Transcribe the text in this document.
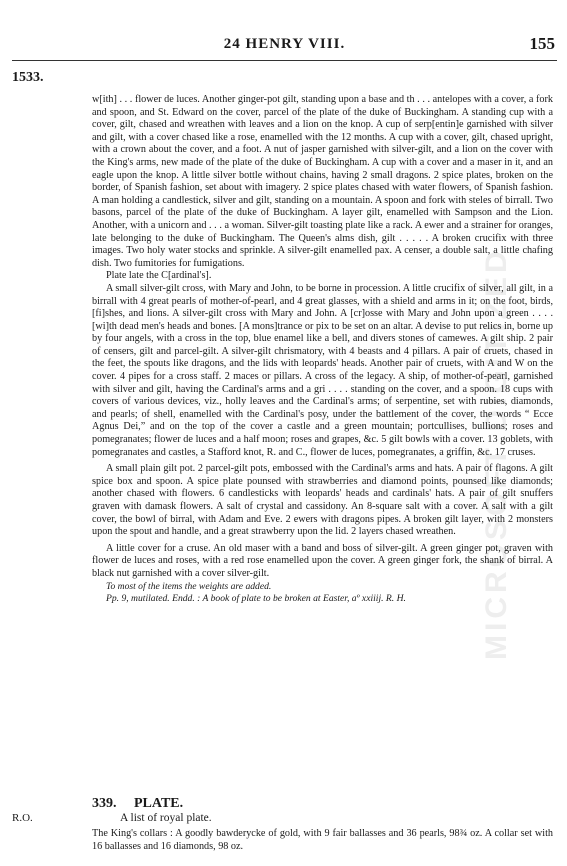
24 HENRY VIII.	155
1533.
MICROSOFT DIGITIZED

w[ith] . . . flower de luces. Another ginger-pot gilt, standing upon a base and th . . . antelopes with a cover, a fork and spoon, and St. Edward on the cover, parcel of the plate of the duke of Buckingham. A standing cup with a cover, gilt, chased and wreathen with leaves and a lion on the knop. A cup of serp[entin]e garnished with silver and gilt, with a cover chased like a rose, enamelled with the 12 months. A cup with a cover, gilt, chased upright, with a crown about the cover, and a foot. A nut of jasper garnished with silver-gilt, and a lion on the cover with the King's arms, new made of the plate of the duke of Buckingham. A cup with a cover and a maser in it, and an eagle upon the knop. A little silver bottle without chains, having 2 small dragons. 2 spice plates, broken on the border, of Spanish fashion, set about with imagery. 2 spice plates chased with water flowers, of Spanish fashion. A man holding a candlestick, silver and gilt, standing on a mountain. A spoon and fork with steles of birrall. Two basons, parcel of the plate of the duke of Buckingham. A layer gilt, enamelled with Sampson and the Lion. Another, with a unicorn and . . . a woman. Silver-gilt toasting plate like a rack. A ewer and a strainer for oranges, late belonging to the duke of Buckingham. The Queen's alms dish, gilt . . . . . A broken crucifix with three images. Two holy water stocks and sprinkle. A silver-gilt enamelled pax. A censer, a double salt, a little chafing dish. Two fumitories for fumigations.

Plate late the C[ardinal's].

A small silver-gilt cross, with Mary and John, to be borne in procession. A little crucifix of silver, all gilt, in a birrall with 4 great pearls of mother-of-pearl, and 4 great glasses, with a shield and arms in it; on the foot, birds, [fi]shes, and lions. A silver-gilt cross with Mary and John. A [cr]osse with Mary and John upon a green . . . . [wi]th dead men's heads and bones. [A mons]trance or pix to be set on an altar. A devise to put relics in, borne up by four angels, with a cross in the top, blue enamel like a bell, and divers stones of camewes. A gilt ship. 2 pair of censers, gilt and parcel-gilt. A silver-gilt chrismatory, with 4 beasts and 4 pillars. A pair of cruets, chased in the feet, the spouts like dragons, and the lids with leopards' heads. Another pair of cruets, with A and W on the cover. 4 pipes for a cross staff. 2 maces or pillars. A cross of the legacy. A ship, of mother-of-pearl, garnished with silver and gilt, having the Cardinal's arms and a gri . . . . standing on the cover, and a spoon. 18 cups with covers of various devices, viz., holly leaves and the Cardinal's arms; of serpentine, set with rubies, diamonds, and pearls; of shell, enamelled with the Cardinal's posy, under the battlement of the cover, the words “ Ecce Agnus Dei,” and on the top of the cover a castle and a green mountain; portcullises, bullions; roses and pomegranates; flower de luces and a half moon; roses and grapes, &c. 5 gilt bowls with a cover. 13 goblets, with pomegranates and castles, a Stafford knot, R. and C., flower de luces, pomegranates, a griffin, &c. 17 cruses.

A small plain gilt pot. 2 parcel-gilt pots, embossed with the Cardinal's arms and hats. A pair of flagons. A gilt spice box and spoon. A spice plate pounsed with strawberries and diamond points, pounsed like diamonds; another chased with flowers. 6 candlesticks with leopards' heads and cardinals' hats. A pair of gilt snuffers graven with damask flowers. A salt of crystal and cassidony. An 8-square salt with a cover. A salt with a gilt cover, the bowl of birral, with Adam and Eve. 2 ewers with dragons pipes. A broken gilt layer, with 2 monsters upon the spout and handle, and a great strawberry upon the lid. 2 layers chased wreathen.

A little cover for a cruse. An old maser with a band and boss of silver-gilt. A green ginger pot, graven with flower de luces and roses, with a red rose enamelled upon the cover. A green ginger fork, the shank of birral. A black nut garnished with a cover silver-gilt.

To most of the items the weights are added.

Pp. 9, mutilated. Endd. : A book of plate to be broken at Easter, aº xxiiij. R. H.

339. PLATE.
R.O.	A list of royal plate.
The King's collars : A goodly bawderycke of gold, with 9 fair ballasses and 36 pearls, 98¾ oz. A collar set with 16 ballasses and 16 diamonds, 98 oz.
